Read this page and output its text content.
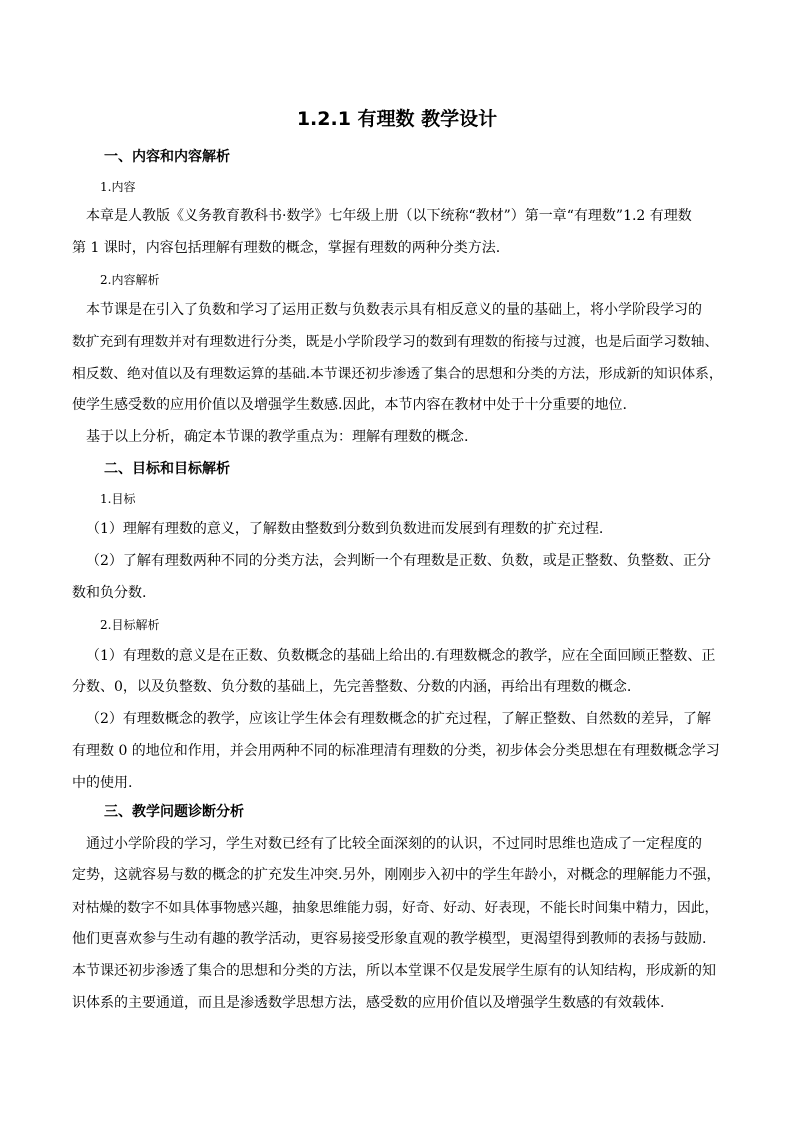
1.2.1 有理数 教学设计
一、内容和内容解析
1.内容
本章是人教版《义务教育教科书·数学》七年级上册（以下统称“教材”）第一章“有理数”1.2 有理数
第 1 课时，内容包括理解有理数的概念，掌握有理数的两种分类方法.
2.内容解析
本节课是在引入了负数和学习了运用正数与负数表示具有相反意义的量的基础上，将小学阶段学习的
数扩充到有理数并对有理数进行分类，既是小学阶段学习的数到有理数的衔接与过渡，也是后面学习数轴、
相反数、绝对值以及有理数运算的基础.本节课还初步渗透了集合的思想和分类的方法，形成新的知识体系，
使学生感受数的应用价值以及增强学生数感.因此，本节内容在教材中处于十分重要的地位.
基于以上分析，确定本节课的教学重点为：理解有理数的概念.
二、目标和目标解析
1.目标
（1）理解有理数的意义，了解数由整数到分数到负数进而发展到有理数的扩充过程.
（2）了解有理数两种不同的分类方法，会判断一个有理数是正数、负数，或是正整数、负整数、正分
数和负分数.
2.目标解析
（1）有理数的意义是在正数、负数概念的基础上给出的.有理数概念的教学，应在全面回顾正整数、正
分数、0，以及负整数、负分数的基础上，先完善整数、分数的内涵，再给出有理数的概念.
（2）有理数概念的教学，应该让学生体会有理数概念的扩充过程，了解正整数、自然数的差异，了解
有理数 0 的地位和作用，并会用两种不同的标准理清有理数的分类，初步体会分类思想在有理数概念学习
中的使用.
三、教学问题诊断分析
通过小学阶段的学习，学生对数已经有了比较全面深刻的的认识，不过同时思维也造成了一定程度的
定势，这就容易与数的概念的扩充发生冲突.另外，刚刚步入初中的学生年龄小，对概念的理解能力不强，
对枯燥的数字不如具体事物感兴趣，抽象思维能力弱，好奇、好动、好表现，不能长时间集中精力，因此，
他们更喜欢参与生动有趣的教学活动，更容易接受形象直观的教学模型，更渴望得到教师的表扬与鼓励.
本节课还初步渗透了集合的思想和分类的方法，所以本堂课不仅是发展学生原有的认知结构，形成新的知
识体系的主要通道，而且是渗透数学思想方法，感受数的应用价值以及增强学生数感的有效载体.
